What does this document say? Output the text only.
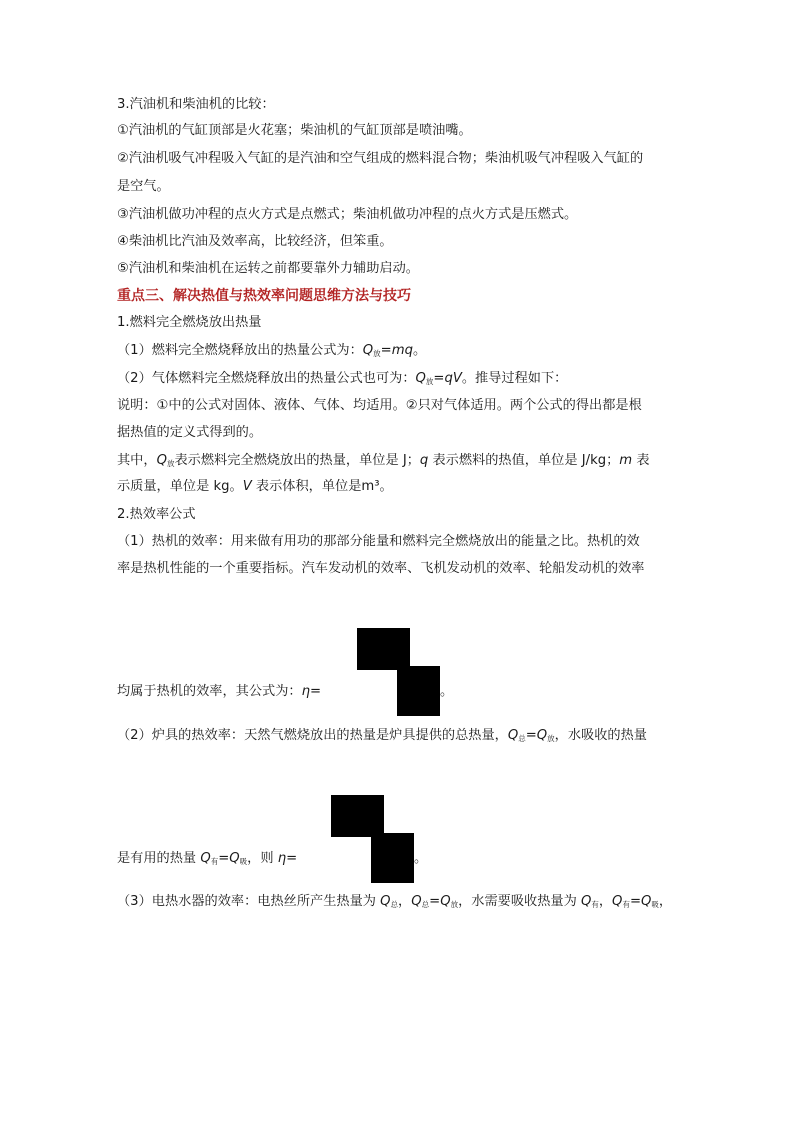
3.汽油机和柴油机的比较：
①汽油机的气缸顶部是火花塞；柴油机的气缸顶部是喷油嘴。
②汽油机吸气冲程吸入气缸的是汽油和空气组成的燃料混合物；柴油机吸气冲程吸入气缸的
是空气。
③汽油机做功冲程的点火方式是点燃式；柴油机做功冲程的点火方式是压燃式。
④柴油机比汽油及效率高，比较经济，但笨重。
⑤汽油机和柴油机在运转之前都要靠外力辅助启动。
重点三、解决热值与热效率问题思维方法与技巧
1.燃料完全燃烧放出热量
（1）燃料完全燃烧释放出的热量公式为：$Q_放=mq$。
（2）气体燃料完全燃烧释放出的热量公式也可为：$Q_放=qV$。推导过程如下：
说明：①中的公式对固体、液体、气体、均适用。②只对气体适用。两个公式的得出都是根
据热值的定义式得到的。
其中，$Q_放$表示燃料完全燃烧放出的热量，单位是 J；q 表示燃料的热值，单位是 J/kg；m 表
示质量，单位是 kg。V 表示体积，单位是m³。
2.热效率公式
（1）热机的效率：用来做有用功的那部分能量和燃料完全燃烧放出的能量之比。热机的效
率是热机性能的一个重要指标。汽车发动机的效率、飞机发动机的效率、轮船发动机的效率
均属于热机的效率，其公式为：η=	。
（2）炉具的热效率：天然气燃烧放出的热量是炉具提供的总热量，$Q_总=Q_放$，水吸收的热量
是有用的热量 $Q_有=Q_吸$，则 η=	。
（3）电热水器的效率：电热丝所产生热量为 $Q_总$，$Q_总=Q_放$，水需要吸收热量为 $Q_有$，$Q_有=Q_吸$，
